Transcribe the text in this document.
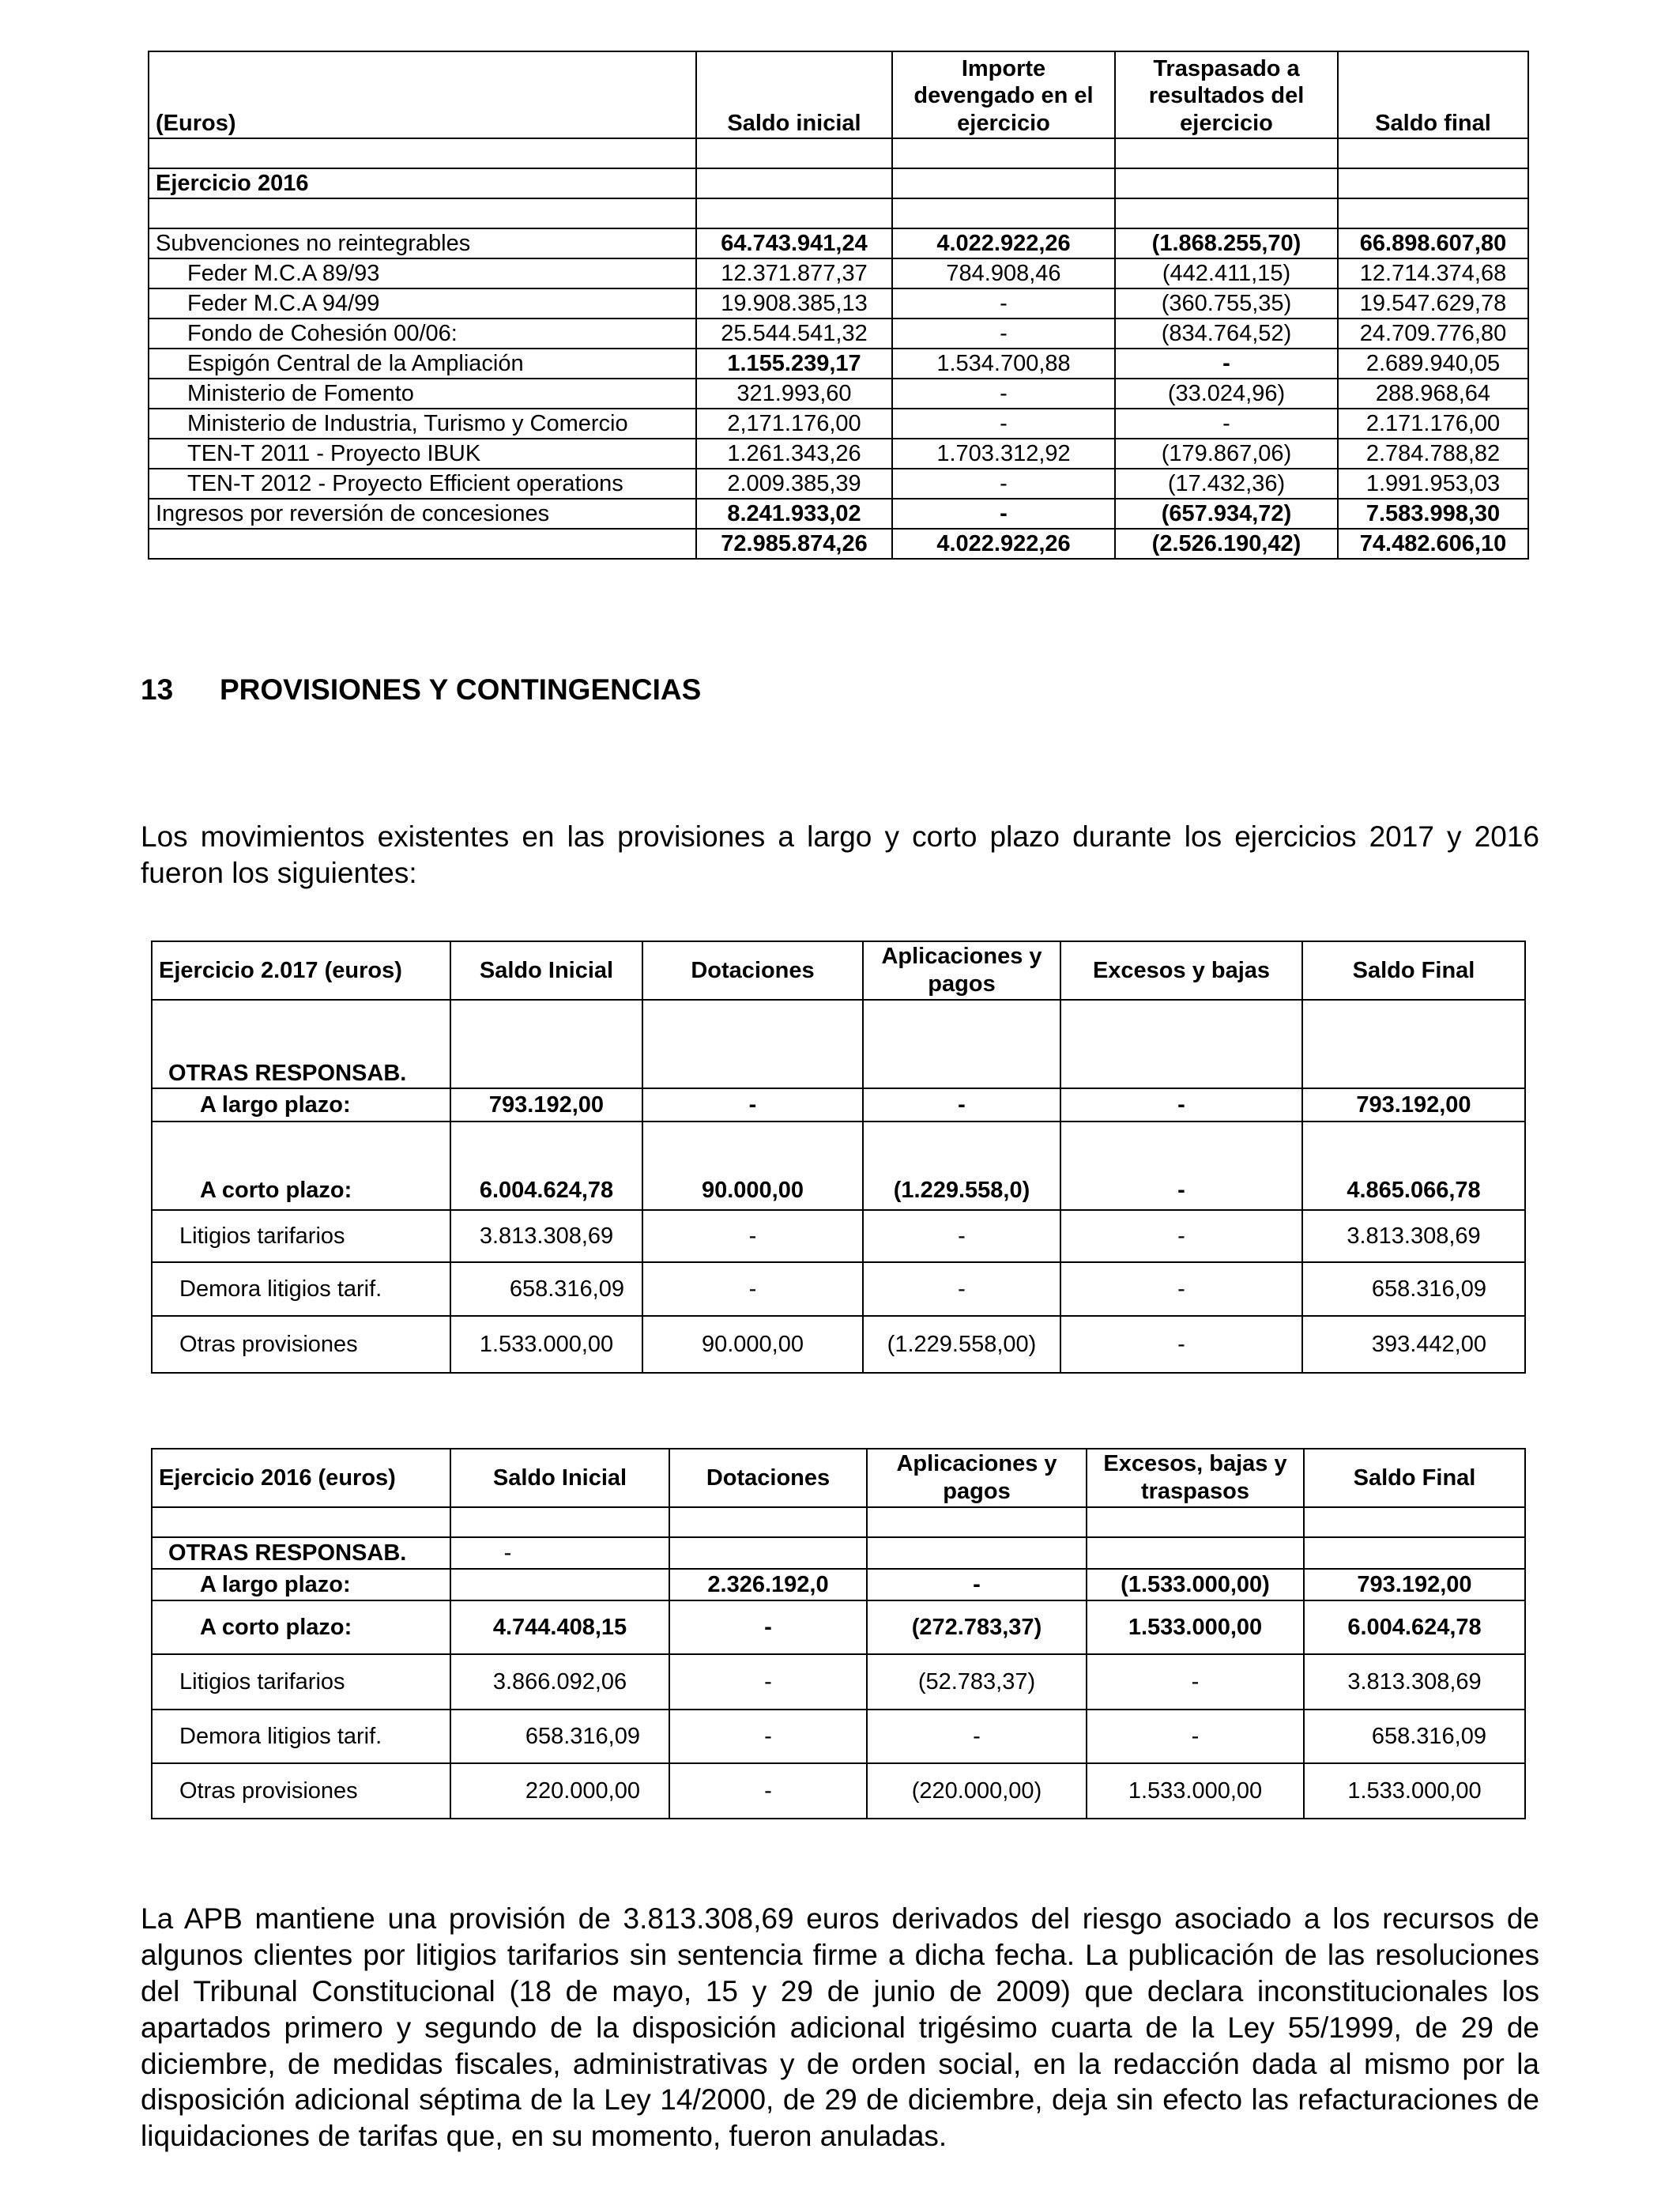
(Euros)	Saldo inicial	Importe devengado en el ejercicio	Traspasado a resultados del ejercicio	Saldo final

Ejercicio 2016				

Subvenciones no reintegrables	64.743.941,24	4.022.922,26	(1.868.255,70)	66.898.607,80
Feder M.C.A 89/93	12.371.877,37	784.908,46	(442.411,15)	12.714.374,68
Feder M.C.A 94/99	19.908.385,13	-	(360.755,35)	19.547.629,78
Fondo de Cohesión 00/06:	25.544.541,32	-	(834.764,52)	24.709.776,80
Espigón Central de la Ampliación	1.155.239,17	1.534.700,88	-	2.689.940,05
Ministerio de Fomento	321.993,60	-	(33.024,96)	288.968,64
Ministerio de Industria, Turismo y Comercio	2,171.176,00	-	-	2.171.176,00
TEN-T 2011 - Proyecto IBUK	1.261.343,26	1.703.312,92	(179.867,06)	2.784.788,82
TEN-T 2012 - Proyecto Efficient operations	2.009.385,39	-	(17.432,36)	1.991.953,03
Ingresos por reversión de concesiones	8.241.933,02	-	(657.934,72)	7.583.998,30
	72.985.874,26	4.022.922,26	(2.526.190,42)	74.482.606,10
13 PROVISIONES Y CONTINGENCIAS
Los movimientos existentes en las provisiones a largo y corto plazo durante los ejercicios 2017 y 2016 fueron los siguientes:
Ejercicio 2.017 (euros)	Saldo Inicial	Dotaciones	Aplicaciones y pagos	Excesos y bajas	Saldo Final
OTRAS RESPONSAB.					
A largo plazo:	793.192,00	-	-	-	793.192,00
A corto plazo:	6.004.624,78	90.000,00	(1.229.558,0)	-	4.865.066,78
Litigios tarifarios	3.813.308,69	-	-	-	3.813.308,69
Demora litigios tarif.	658.316,09	-	-	-	658.316,09
Otras provisiones	1.533.000,00	90.000,00	(1.229.558,00)	-	393.442,00
Ejercicio 2016 (euros)	Saldo Inicial	Dotaciones	Aplicaciones y pagos	Excesos, bajas y traspasos	Saldo Final

OTRAS RESPONSAB.	-				
A largo plazo:		2.326.192,0	-	(1.533.000,00)	793.192,00
A corto plazo:	4.744.408,15	-	(272.783,37)	1.533.000,00	6.004.624,78
Litigios tarifarios	3.866.092,06	-	(52.783,37)	-	3.813.308,69
Demora litigios tarif.	658.316,09	-	-	-	658.316,09
Otras provisiones	220.000,00	-	(220.000,00)	1.533.000,00	1.533.000,00
La APB mantiene una provisión de 3.813.308,69 euros derivados del riesgo asociado a los recursos de algunos clientes por litigios tarifarios sin sentencia firme a dicha fecha. La publicación de las resoluciones del Tribunal Constitucional (18 de mayo, 15 y 29 de junio de 2009) que declara inconstitucionales los apartados primero y segundo de la disposición adicional trigésimo cuarta de la Ley 55/1999, de 29 de diciembre, de medidas fiscales, administrativas y de orden social, en la redacción dada al mismo por la disposición adicional séptima de la Ley 14/2000, de 29 de diciembre, deja sin efecto las refacturaciones de liquidaciones de tarifas que, en su momento, fueron anuladas.
